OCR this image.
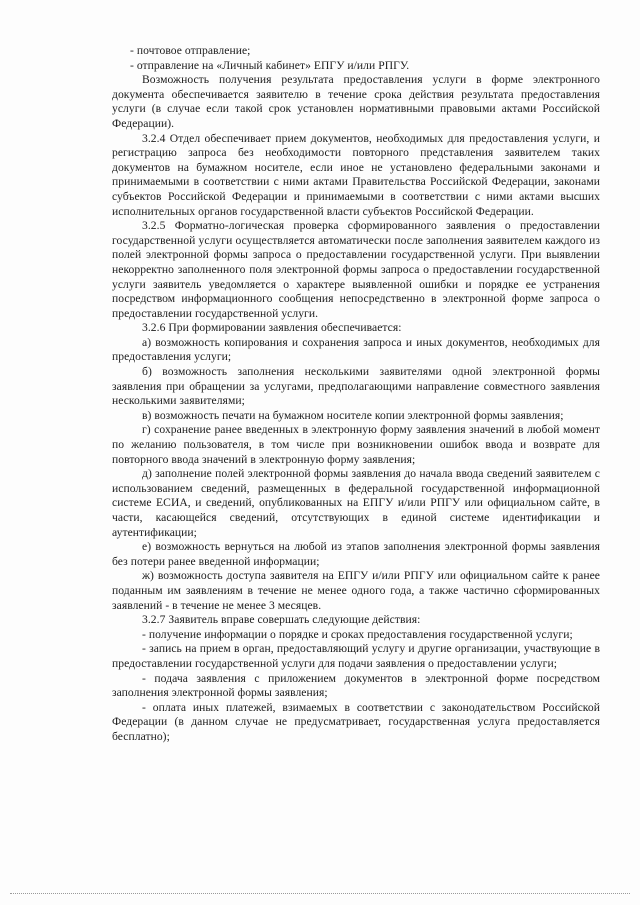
- почтовое отправление;

- отправление на «Личный кабинет» ЕПГУ и/или РПГУ.

Возможность получения результата предоставления услуги в форме электронного документа обеспечивается заявителю в течение срока действия результата предоставления услуги (в случае если такой срок установлен нормативными правовыми актами Российской Федерации).

3.2.4 Отдел обеспечивает прием документов, необходимых для предоставления услуги, и регистрацию запроса без необходимости повторного представления заявителем таких документов на бумажном носителе, если иное не установлено федеральными законами и принимаемыми в соответствии с ними актами Правительства Российской Федерации, законами субъектов Российской Федерации и принимаемыми в соответствии с ними актами высших исполнительных органов государственной власти субъектов Российской Федерации.

3.2.5 Форматно-логическая проверка сформированного заявления о предоставлении государственной услуги осуществляется автоматически после заполнения заявителем каждого из полей электронной формы запроса о предоставлении государственной услуги. При выявлении некорректно заполненного поля электронной формы запроса о предоставлении государственной услуги заявитель уведомляется о характере выявленной ошибки и порядке ее устранения посредством информационного сообщения непосредственно в электронной форме запроса о предоставлении государственной услуги.

3.2.6 При формировании заявления обеспечивается:

а) возможность копирования и сохранения запроса и иных документов, необходимых для предоставления услуги;

б) возможность заполнения несколькими заявителями одной электронной формы заявления при обращении за услугами, предполагающими направление совместного заявления несколькими заявителями;

в) возможность печати на бумажном носителе копии электронной формы заявления;

г) сохранение ранее введенных в электронную форму заявления значений в любой момент по желанию пользователя, в том числе при возникновении ошибок ввода и возврате для повторного ввода значений в электронную форму заявления;

д) заполнение полей электронной формы заявления до начала ввода сведений заявителем с использованием сведений, размещенных в федеральной государственной информационной системе ЕСИА, и сведений, опубликованных на ЕПГУ и/или РПГУ или официальном сайте, в части, касающейся сведений, отсутствующих в единой системе идентификации и аутентификации;

е) возможность вернуться на любой из этапов заполнения электронной формы заявления без потери ранее введенной информации;

ж) возможность доступа заявителя на ЕПГУ и/или РПГУ или официальном сайте к ранее поданным им заявлениям в течение не менее одного года, а также частично сформированных заявлений - в течение не менее 3 месяцев.

3.2.7 Заявитель вправе совершать следующие действия:

- получение информации о порядке и сроках предоставления государственной услуги;

- запись на прием в орган, предоставляющий услугу и другие организации, участвующие в предоставлении государственной услуги для подачи заявления о предоставлении услуги;

- подача заявления с приложением документов в электронной форме посредством заполнения электронной формы заявления;

- оплата иных платежей, взимаемых в соответствии с законодательством Российской Федерации (в данном случае не предусматривает, государственная услуга предоставляется бесплатно);
